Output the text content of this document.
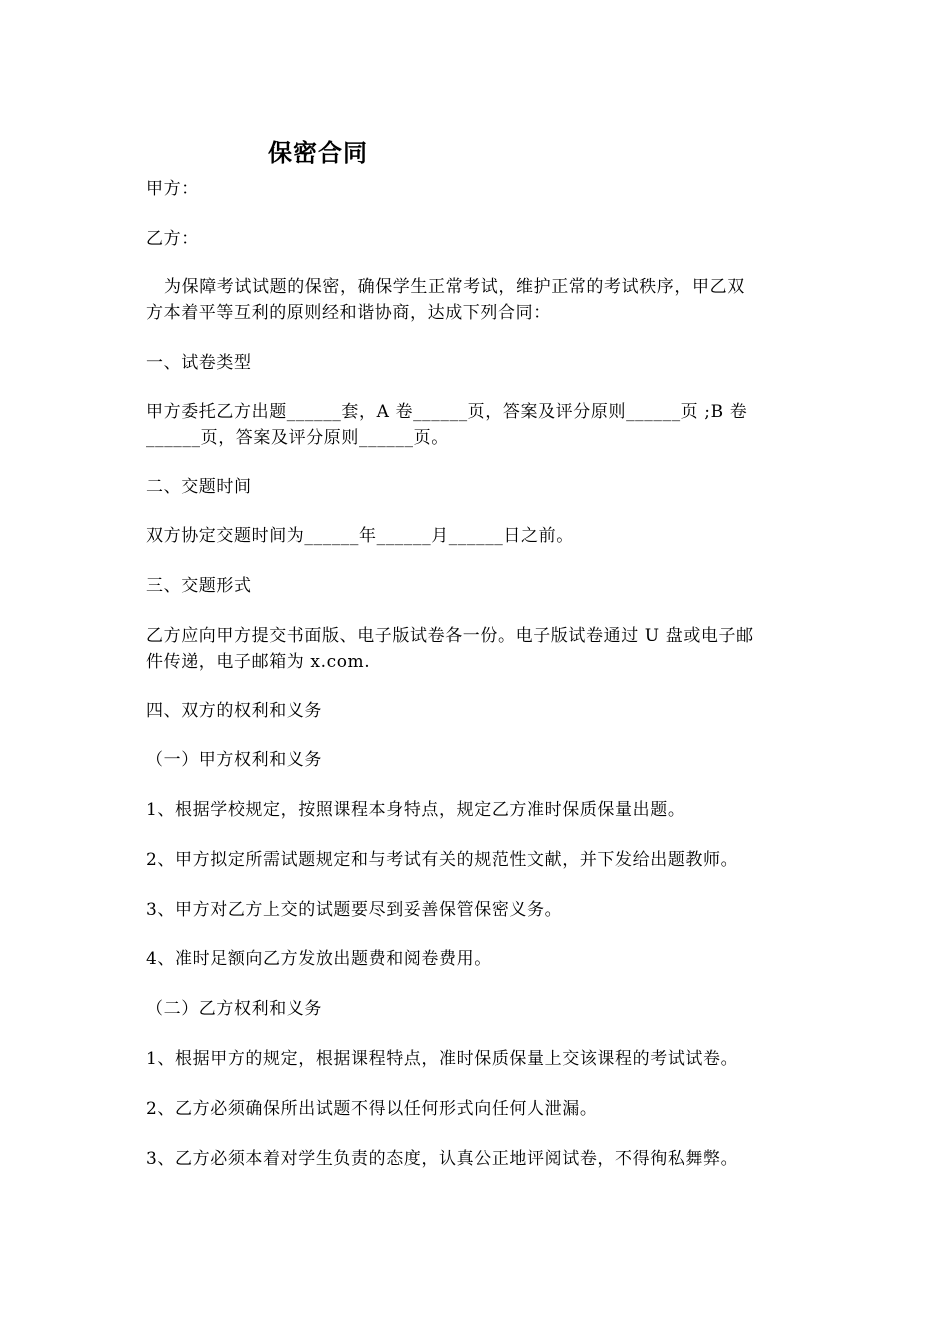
保密合同
甲方：
乙方：
为保障考试试题的保密，确保学生正常考试，维护正常的考试秩序，甲乙双
方本着平等互利的原则经和谐协商，达成下列合同：
一、试卷类型
甲方委托乙方出题______套，A 卷______页，答案及评分原则______页 ;B 卷
______页，答案及评分原则______页。
二、交题时间
双方协定交题时间为______年______月______日之前。
三、交题形式
乙方应向甲方提交书面版、电子版试卷各一份。电子版试卷通过 U 盘或电子邮
件传递，电子邮箱为 x.com.
四、双方的权利和义务
（一）甲方权利和义务
1、根据学校规定，按照课程本身特点，规定乙方准时保质保量出题。
2、甲方拟定所需试题规定和与考试有关的规范性文献，并下发给出题教师。
3、甲方对乙方上交的试题要尽到妥善保管保密义务。
4、准时足额向乙方发放出题费和阅卷费用。
（二）乙方权利和义务
1、根据甲方的规定，根据课程特点，准时保质保量上交该课程的考试试卷。
2、乙方必须确保所出试题不得以任何形式向任何人泄漏。
3、乙方必须本着对学生负责的态度，认真公正地评阅试卷，不得徇私舞弊。
